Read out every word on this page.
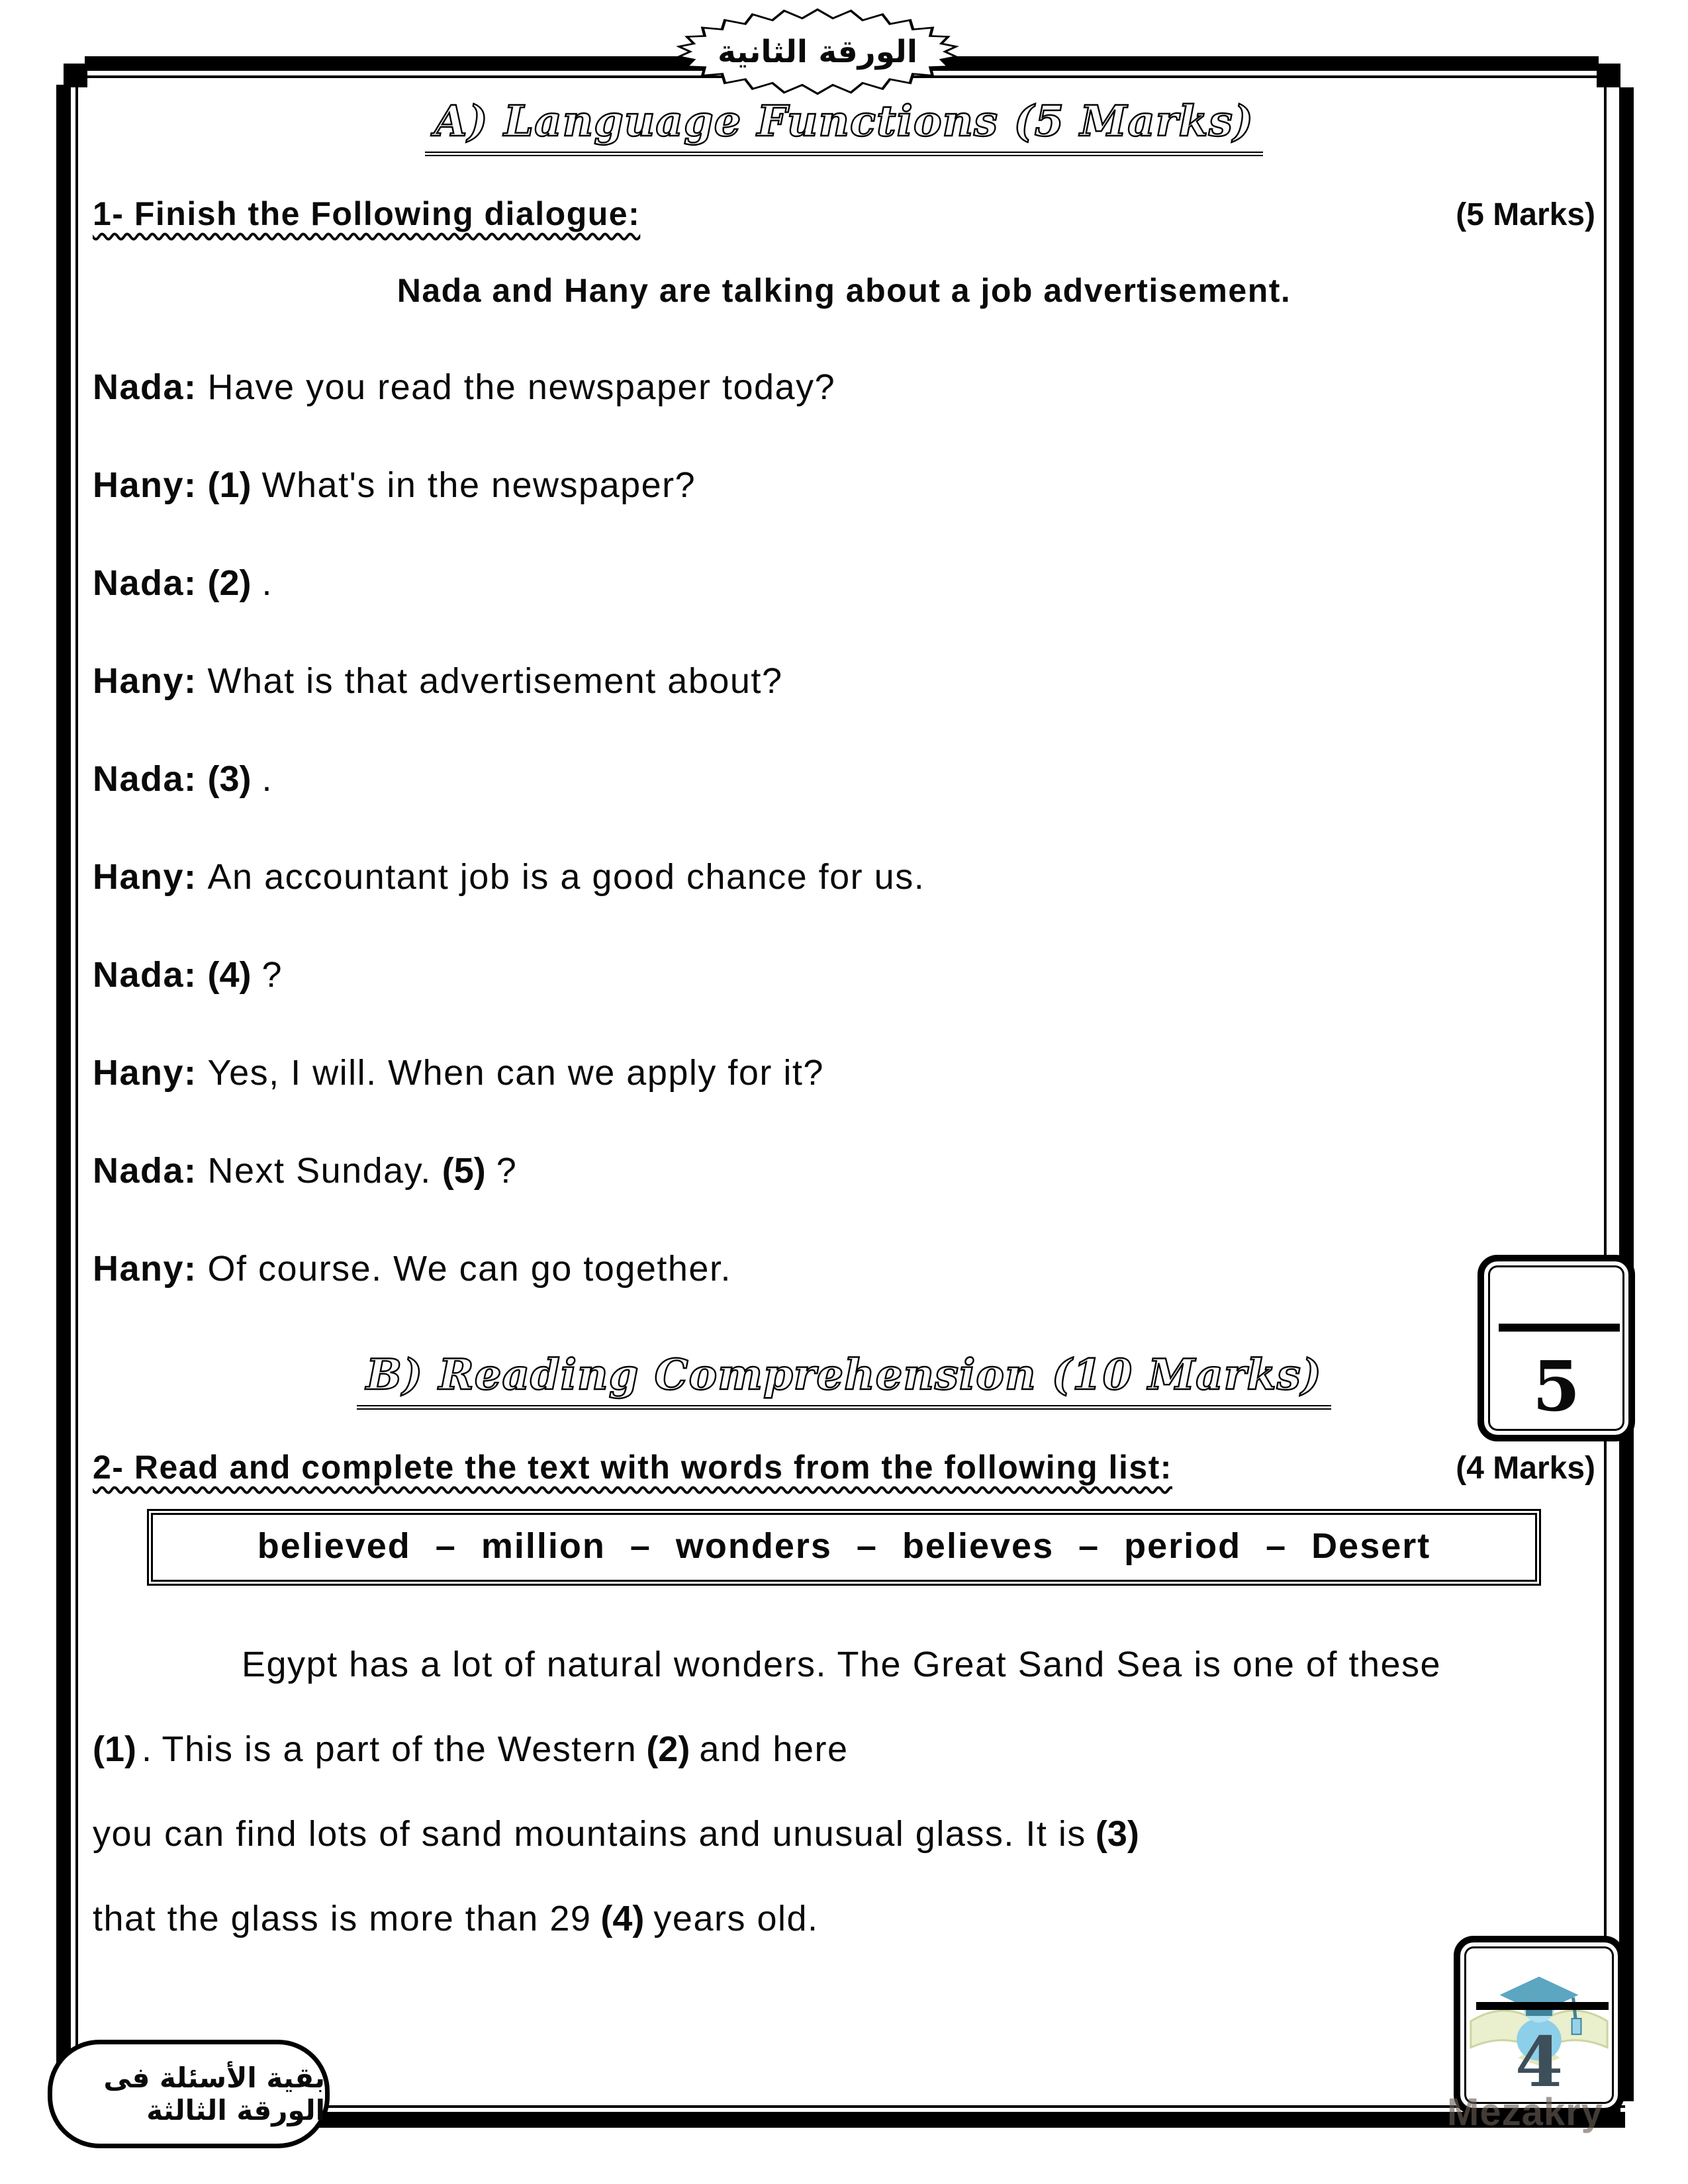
الورقة الثانية
A) Language Functions (5 Marks)
1- Finish the Following dialogue:	(5 Marks)
Nada and Hany are talking about a job advertisement.
Nada: Have you read the newspaper today?
Hany: (1) What's in the newspaper?
Nada: (2) .
Hany: What is that advertisement about?
Nada: (3) .
Hany: An accountant job is a good chance for us.
Nada: (4) ?
Hany: Yes, I will. When can we apply for it?
Nada: Next Sunday. (5) ?
Hany: Of course. We can go together.
B) Reading Comprehension (10 Marks)
2- Read and complete the text with words from the following list:	(4 Marks)
believed – million – wonders – believes – period – Desert
Egypt has a lot of natural wonders. The Great Sand Sea is one of these
(1) . This is a part of the Western (2) and here
you can find lots of sand mountains and unusual glass. It is (3)
that the glass is more than 29 (4) years old.
5
4
بقية الأسئلة فى الورقة الثالثة	Mezakry
